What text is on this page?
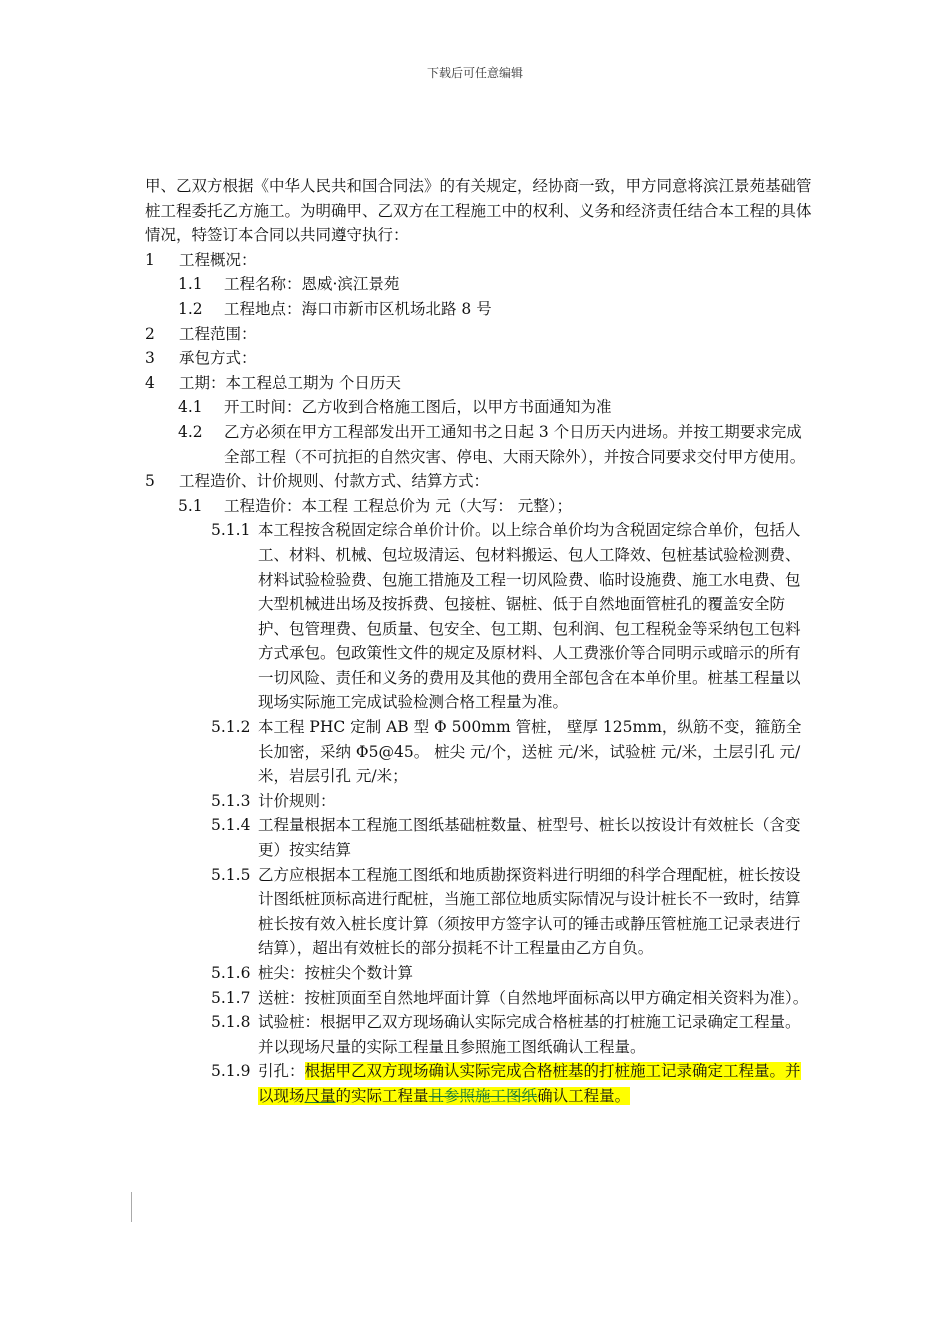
下载后可任意编辑

甲、乙双方根据《中华人民共和国合同法》的有关规定，经协商一致，甲方同意将滨江景苑基础管桩工程委托乙方施工。为明确甲、乙双方在工程施工中的权利、义务和经济责任结合本工程的具体情况，特签订本合同以共同遵守执行：

1	工程概况：
1.1	工程名称：恩威·滨江景苑
1.2	工程地点：海口市新市区机场北路 8 号
2	工程范围：
3	承包方式：
4	工期：本工程总工期为 个日历天
4.1	开工时间：乙方收到合格施工图后，以甲方书面通知为准
4.2	乙方必须在甲方工程部发出开工通知书之日起 3 个日历天内进场。并按工期要求完成全部工程（不可抗拒的自然灾害、停电、大雨天除外），并按合同要求交付甲方使用。
5	工程造价、计价规则、付款方式、结算方式：
5.1	工程造价：本工程 工程总价为 元（大写： 元整）；
5.1.1 本工程按含税固定综合单价计价。以上综合单价均为含税固定综合单价，包括人工、材料、机械、包垃圾清运、包材料搬运、包人工降效、包桩基试验检测费、材料试验检验费、包施工措施及工程一切风险费、临时设施费、施工水电费、包大型机械进出场及按拆费、包接桩、锯桩、低于自然地面管桩孔的覆盖安全防护、包管理费、包质量、包安全、包工期、包利润、包工程税金等采纳包工包料方式承包。包政策性文件的规定及原材料、人工费涨价等合同明示或暗示的所有一切风险、责任和义务的费用及其他的费用全部包含在本单价里。桩基工程量以现场实际施工完成试验检测合格工程量为准。
5.1.2 本工程 PHC 定制 AB 型 Φ 500mm 管桩， 壁厚 125mm，纵筋不变，箍筋全长加密，采纳 Φ5@45。 桩尖 元/个，送桩 元/米，试验桩 元/米，土层引孔 元/米，岩层引孔 元/米；
5.1.3 计价规则：
5.1.4 工程量根据本工程施工图纸基础桩数量、桩型号、桩长以按设计有效桩长（含变更）按实结算
5.1.5 乙方应根据本工程施工图纸和地质勘探资料进行明细的科学合理配桩，桩长按设计图纸桩顶标高进行配桩，当施工部位地质实际情况与设计桩长不一致时，结算桩长按有效入桩长度计算（须按甲方签字认可的锤击或静压管桩施工记录表进行结算），超出有效桩长的部分损耗不计工程量由乙方自负。
5.1.6 桩尖：按桩尖个数计算
5.1.7 送桩：按桩顶面至自然地坪面计算（自然地坪面标高以甲方确定相关资料为准）。
5.1.8 试验桩：根据甲乙双方现场确认实际完成合格桩基的打桩施工记录确定工程量。并以现场尺量的实际工程量且参照施工图纸确认工程量。
5.1.9 引孔：根据甲乙双方现场确认实际完成合格桩基的打桩施工记录确定工程量。并以现场尺量的实际工程量且参照施工图纸确认工程量。
